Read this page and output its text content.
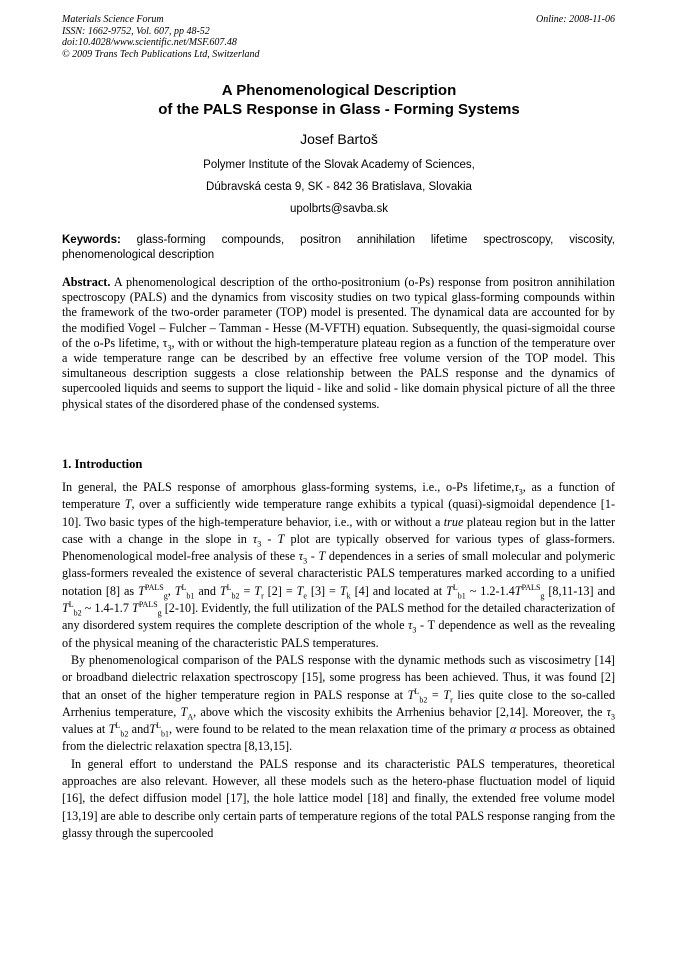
Materials Science Forum
ISSN: 1662-9752, Vol. 607, pp 48-52
doi:10.4028/www.scientific.net/MSF.607.48
© 2009 Trans Tech Publications Ltd, Switzerland
Online: 2008-11-06
A Phenomenological Description
of the PALS Response in Glass - Forming Systems
Josef Bartoš
Polymer Institute of the Slovak Academy of Sciences,
Dúbravská cesta 9, SK - 842 36 Bratislava, Slovakia
upolbrts@savba.sk
Keywords: glass-forming compounds, positron annihilation lifetime spectroscopy, viscosity, phenomenological description
Abstract. A phenomenological description of the ortho-positronium (o-Ps) response from positron annihilation spectroscopy (PALS) and the dynamics from viscosity studies on two typical glass-forming compounds within the framework of the two-order parameter (TOP) model is presented. The dynamical data are accounted for by the modified Vogel – Fulcher – Tamman - Hesse (M-VFTH) equation. Subsequently, the quasi-sigmoidal course of the o-Ps lifetime, $\tau_3$, with or without the high-temperature plateau region as a function of the temperature over a wide temperature range can be described by an effective free volume version of the TOP model. This simultaneous description suggests a close relationship between the PALS response and the dynamics of supercooled liquids and seems to support the liquid - like and solid - like domain physical picture of all the three physical states of the disordered phase of the condensed systems.
1. Introduction

In general, the PALS response of amorphous glass-forming systems, i.e., o-Ps $lifetime,\tau_3$, as a function of temperature T, over a sufficiently wide temperature range exhibits a typical (quasi)-sigmoidal dependence [1-10]. Two basic types of the high-temperature behavior, i.e., with or without a true plateau region but in the latter case with a change in the slope in $\tau_3$ - T plot are typically observed for various types of glass-formers. Phenomenological model-free analysis of these $\tau_3$ - T dependences in a series of small molecular and polymeric glass-formers revealed the existence of several characteristic PALS temperatures marked according to a unified notation [8] as $T^{PALS}_g$, $T^L_{b1}$ and $T^L_{b2} = T_r$ $[2] = T_e$ $[3] = T_k$ [4] and located at $T^L_{b1}$ ~ $1.2-1.4T^{PALS}_g$ [8,11-13] and $T^L_{b2}$ ~ 1.4-1.7 $T^{PALS}_g$ [2-10]. Evidently, the full utilization of the PALS method for the detailed characterization of any disordered system requires the complete description of the whole $\tau_3$ - T dependence as well as the revealing of the physical meaning of the characteristic PALS temperatures.

By phenomenological comparison of the PALS response with the dynamic methods such as viscosimetry [14] or broadband dielectric relaxation spectroscopy [15], some progress has been achieved. Thus, it was found [2] that an onset of the higher temperature region in PALS response at $T^L_{b2} = T_r$ lies quite close to the so-called Arrhenius temperature, $T_A$, above which the viscosity exhibits the Arrhenius behavior [2,14]. Moreover, the $\tau_3$ values at $T^L_{b2}$ andT$^L_{b1}$, were found to be related to the mean relaxation time of the primary α process as obtained from the dielectric relaxation spectra [8,13,15].

In general effort to understand the PALS response and its characteristic PALS temperatures, theoretical approaches are also relevant. However, all these models such as the hetero-phase fluctuation model of liquid [16], the defect diffusion model [17], the hole lattice model [18] and finally, the extended free volume model [13,19] are able to describe only certain parts of temperature regions of the total PALS response ranging from the glassy through the supercooled
